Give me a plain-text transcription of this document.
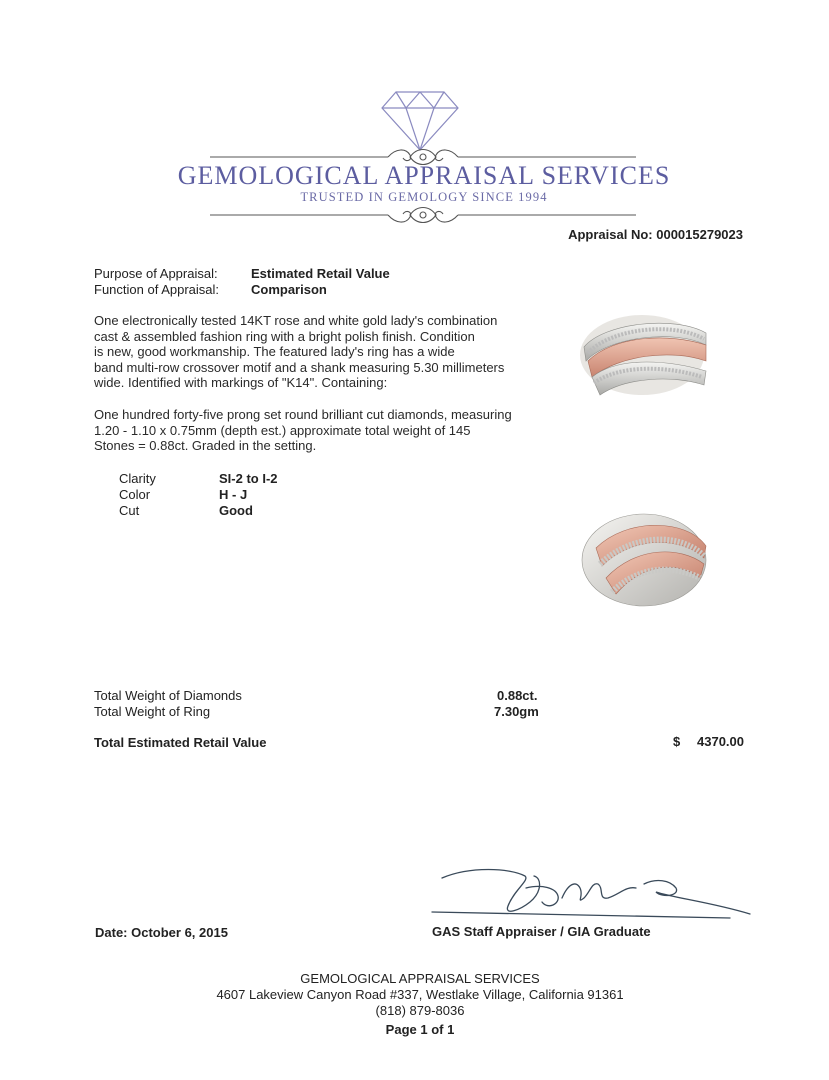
GEMOLOGICAL APPRAISAL SERVICES
TRUSTED IN GEMOLOGY SINCE 1994
Appraisal No: 000015279023
Purpose of Appraisal:	Estimated Retail Value
Function of Appraisal: Comparison
One electronically tested 14KT rose and white gold lady's combination
cast & assembled fashion ring with a bright polish finish. Condition
is new, good workmanship. The featured lady's ring has a wide
band multi-row crossover motif and a shank measuring 5.30 millimeters
wide. Identified with markings of "K14". Containing:
One hundred forty-five prong set round brilliant cut diamonds, measuring
1.20 - 1.10 x 0.75mm (depth est.) approximate total weight of 145
Stones = 0.88ct. Graded in the setting.
Clarity	SI-2 to I-2
Color	H - J
Cut	Good
Total Weight of Diamonds	0.88ct.
Total Weight of Ring	7.30gm
Total Estimated Retail Value	$ 4370.00
Date: October 6, 2015	GAS Staff Appraiser / GIA Graduate
GEMOLOGICAL APPRAISAL SERVICES
4607 Lakeview Canyon Road #337, Westlake Village, California 91361
(818) 879-8036
Page 1 of 1
